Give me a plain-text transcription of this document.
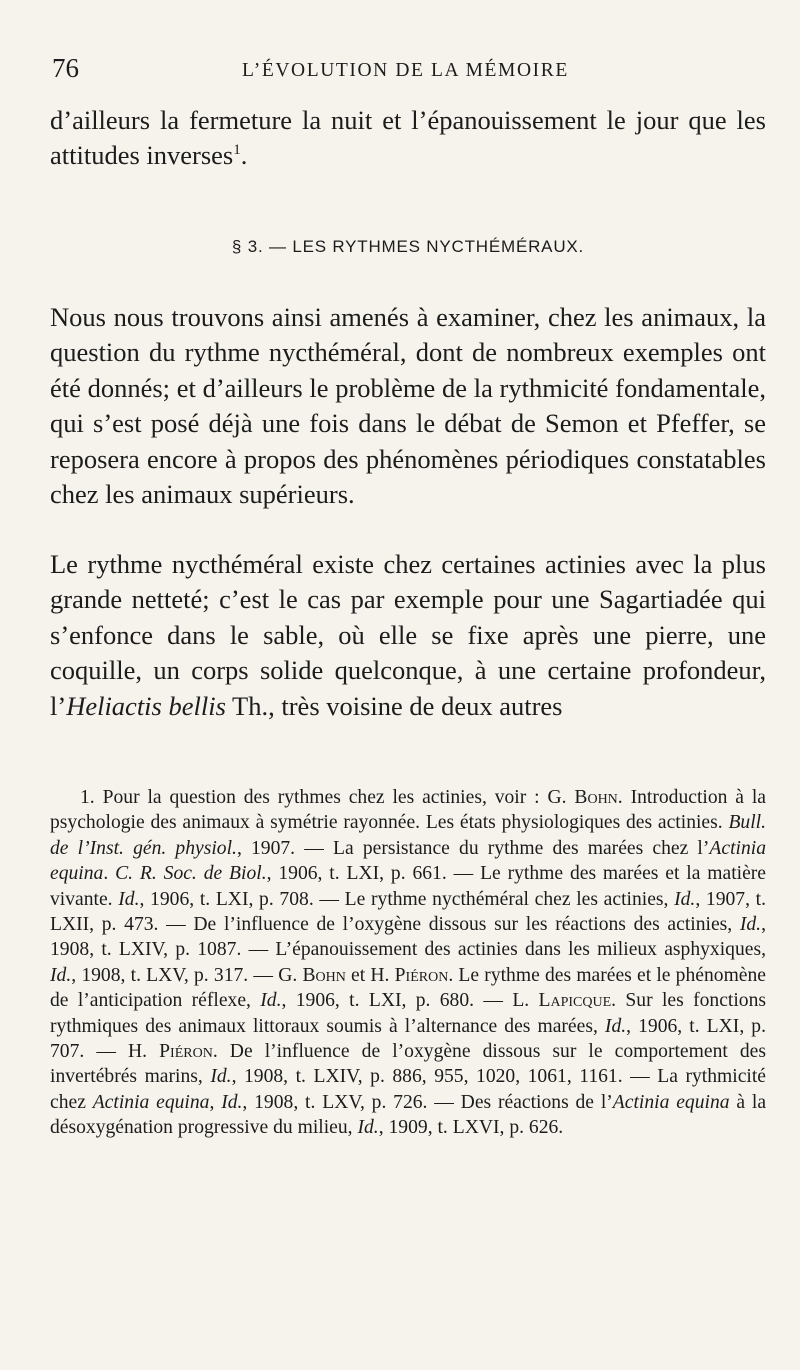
76	L’ÉVOLUTION DE LA MÉMOIRE

d’ailleurs la fermeture la nuit et l’épanouissement le jour que les attitudes inverses$^1$.

§ 3. — LES RYTHMES NYCTHÉMÉRAUX.

Nous nous trouvons ainsi amenés à examiner, chez les animaux, la question du rythme nycthéméral, dont de nombreux exemples ont été donnés; et d’ailleurs le problème de la rythmicité fondamentale, qui s’est posé déjà une fois dans le débat de Semon et Pfeffer, se reposera encore à propos des phénomènes périodiques constatables chez les animaux supérieurs.

Le rythme nycthéméral existe chez certaines actinies avec la plus grande netteté; c’est le cas par exemple pour une Sagartiadée qui s’enfonce dans le sable, où elle se fixe après une pierre, une coquille, un corps solide quelconque, à une certaine profondeur, l’Heliactis bellis Th., très voisine de deux autres

1. Pour la question des rythmes chez les actinies, voir : G. Bohn. Introduction à la psychologie des animaux à symétrie rayonnée. Les états physiologiques des actinies. Bull. de l’Inst. gén. physiol., 1907. — La persistance du rythme des marées chez l’Actinia equina. C. R. Soc. de Biol., 1906, t. LXI, p. 661. — Le rythme des marées et la matière vivante. Id., 1906, t. LXI, p. 708. — Le rythme nycthéméral chez les actinies, Id., 1907, t. LXII, p. 473. — De l’influence de l’oxygène dissous sur les réactions des actinies, Id., 1908, t. LXIV, p. 1087. — L’épanouissement des actinies dans les milieux asphyxiques, Id., 1908, t. LXV, p. 317. — G. Bohn et H. Piéron. Le rythme des marées et le phénomène de l’anticipation réflexe, Id., 1906, t. LXI, p. 680. — L. Lapicque. Sur les fonctions rythmiques des animaux littoraux soumis à l’alternance des marées, Id., 1906, t. LXI, p. 707. — H. Piéron. De l’influence de l’oxygène dissous sur le comportement des invertébrés marins, Id., 1908, t. LXIV, p. 886, 955, 1020, 1061, 1161. — La rythmicité chez Actinia equina, Id., 1908, t. LXV, p. 726. — Des réactions de l’Actinia equina à la désoxygénation progressive du milieu, Id., 1909, t. LXVI, p. 626.
